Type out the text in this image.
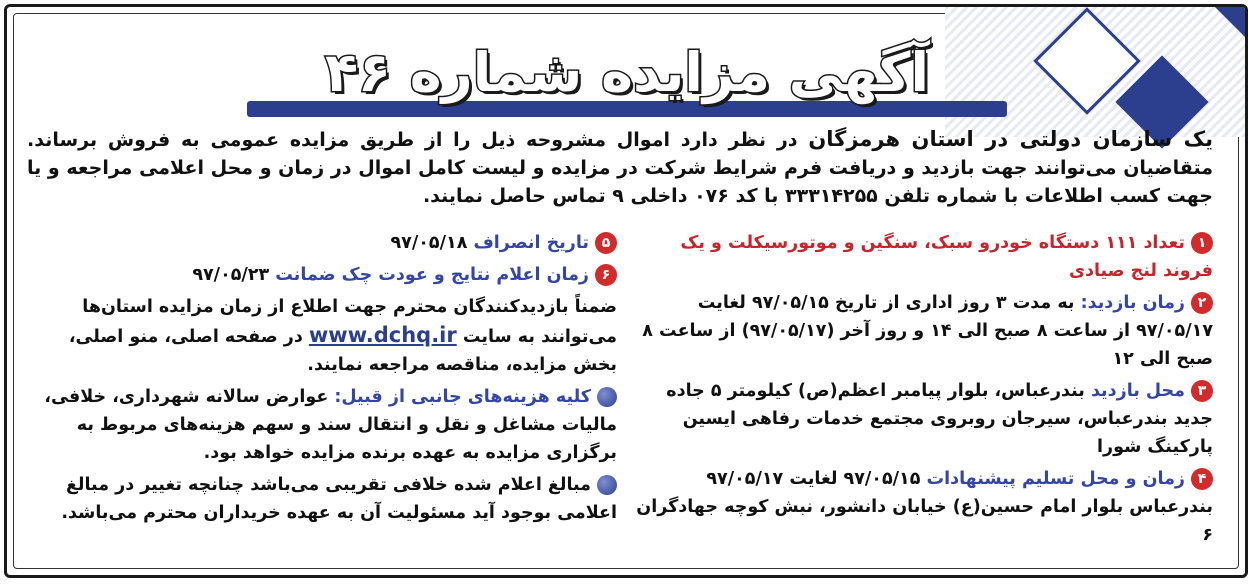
آگهی مزایده شماره ۴۶
یک سازمان دولتی در استان هرمزگان در نظر دارد اموال مشروحه ذیل را از طریق مزایده عمومی به فروش برساند. متقاضیان می‌توانند جهت بازدید و دریافت فرم شرایط شرکت در مزایده و لیست کامل اموال در زمان و محل اعلامی مراجعه و یا جهت کسب اطلاعات با شماره تلفن ۳۳۳۱۴۲۵۵ با کد ۰۷۶ داخلی ۹ تماس حاصل نمایند.
۱تعداد ۱۱۱ دستگاه خودرو سبک، سنگین و موتورسیکلت و یک فروند لنج صیادی
۲زمان بازدید: به مدت ۳ روز اداری از تاریخ ۹۷/۰۵/۱۵ لغایت ۹۷/۰۵/۱۷ از ساعت ۸ صبح الی ۱۴ و روز آخر (۹۷/۰۵/۱۷) از ساعت ۸ صبح الی ۱۲
۳محل بازدید بندرعباس، بلوار پیامبر اعظم(ص) کیلومتر ۵ جاده جدید بندرعباس، سیرجان روبروی مجتمع خدمات رفاهی ایسین پارکینگ شورا
۴زمان و محل تسلیم پیشنهادات ۹۷/۰۵/۱۵ لغایت ۹۷/۰۵/۱۷ بندرعباس بلوار امام حسین(ع) خیابان دانشور، نبش کوچه جهادگران ۶
۵تاریخ انصراف ۹۷/۰۵/۱۸
۶زمان اعلام نتایج و عودت چک ضمانت ۹۷/۰۵/۲۳
ضمناً بازدیدکنندگان محترم جهت اطلاع از زمان مزایده استان‌ها می‌توانند به سایت www.dchq.ir در صفحه اصلی، منو اصلی، بخش مزایده، مناقصه مراجعه نمایند.
کلیه هزینه‌های جانبی از قبیل: عوارض سالانه شهرداری، خلافی، مالیات مشاغل و نقل و انتقال سند و سهم هزینه‌های مربوط به برگزاری مزایده به عهده برنده مزایده خواهد بود.
مبالغ اعلام شده خلافی تقریبی می‌باشد چنانچه تغییر در مبالغ اعلامی بوجود آید مسئولیت آن به عهده خریداران محترم می‌باشد.
